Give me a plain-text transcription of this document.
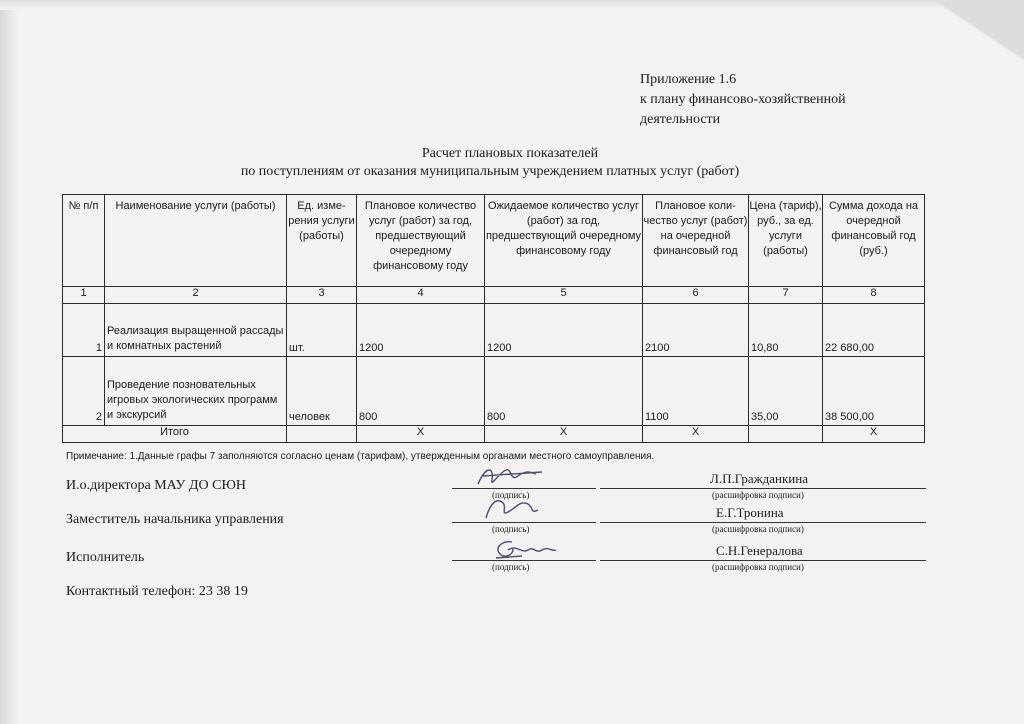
Приложение 1.6
к плану финансово-хозяйственной
деятельности
Расчет плановых показателей
по поступлениям от оказания муниципальным учреждением платных услуг (работ)
№ п/п	Наименование услуги (работы)	Ед. изме-рения услуги (работы)	Плановое количество услуг (работ) за год, предшествующий очередному финансовому году	Ожидаемое количество услуг (работ) за год, предшествующий очередному финансовому году	Плановое коли-чество услуг (работ) на очередной финансовый год	Цена (тариф), руб., за ед. услуги (работы)	Сумма дохода на очередной финансовый год (руб.)
1	2	3	4	5	6	7	8

1	Реализация выращенной рассады и комнатных растений	шт.	1200	1200	2100	10,80	22 680,00

2	Проведение позновательных игровых экологических программ и экскурсий	человек	800	800	1100	35,00	38 500,00

Итого			Х	Х	Х		Х
Примечание: 1.Данные графы 7 заполняются согласно ценам (тарифам), утвержденным органами местного самоуправления.
И.о.директора МАУ ДО СЮН
(подпись)
Л.П.Гражданкина
(расшифровка подписи)
Заместитель начальника управления
(подпись)
Е.Г.Тронина
(расшифровка подписи)
Исполнитель
(подпись)
С.Н.Генералова
(расшифровка подписи)
Контактный телефон: 23 38 19
